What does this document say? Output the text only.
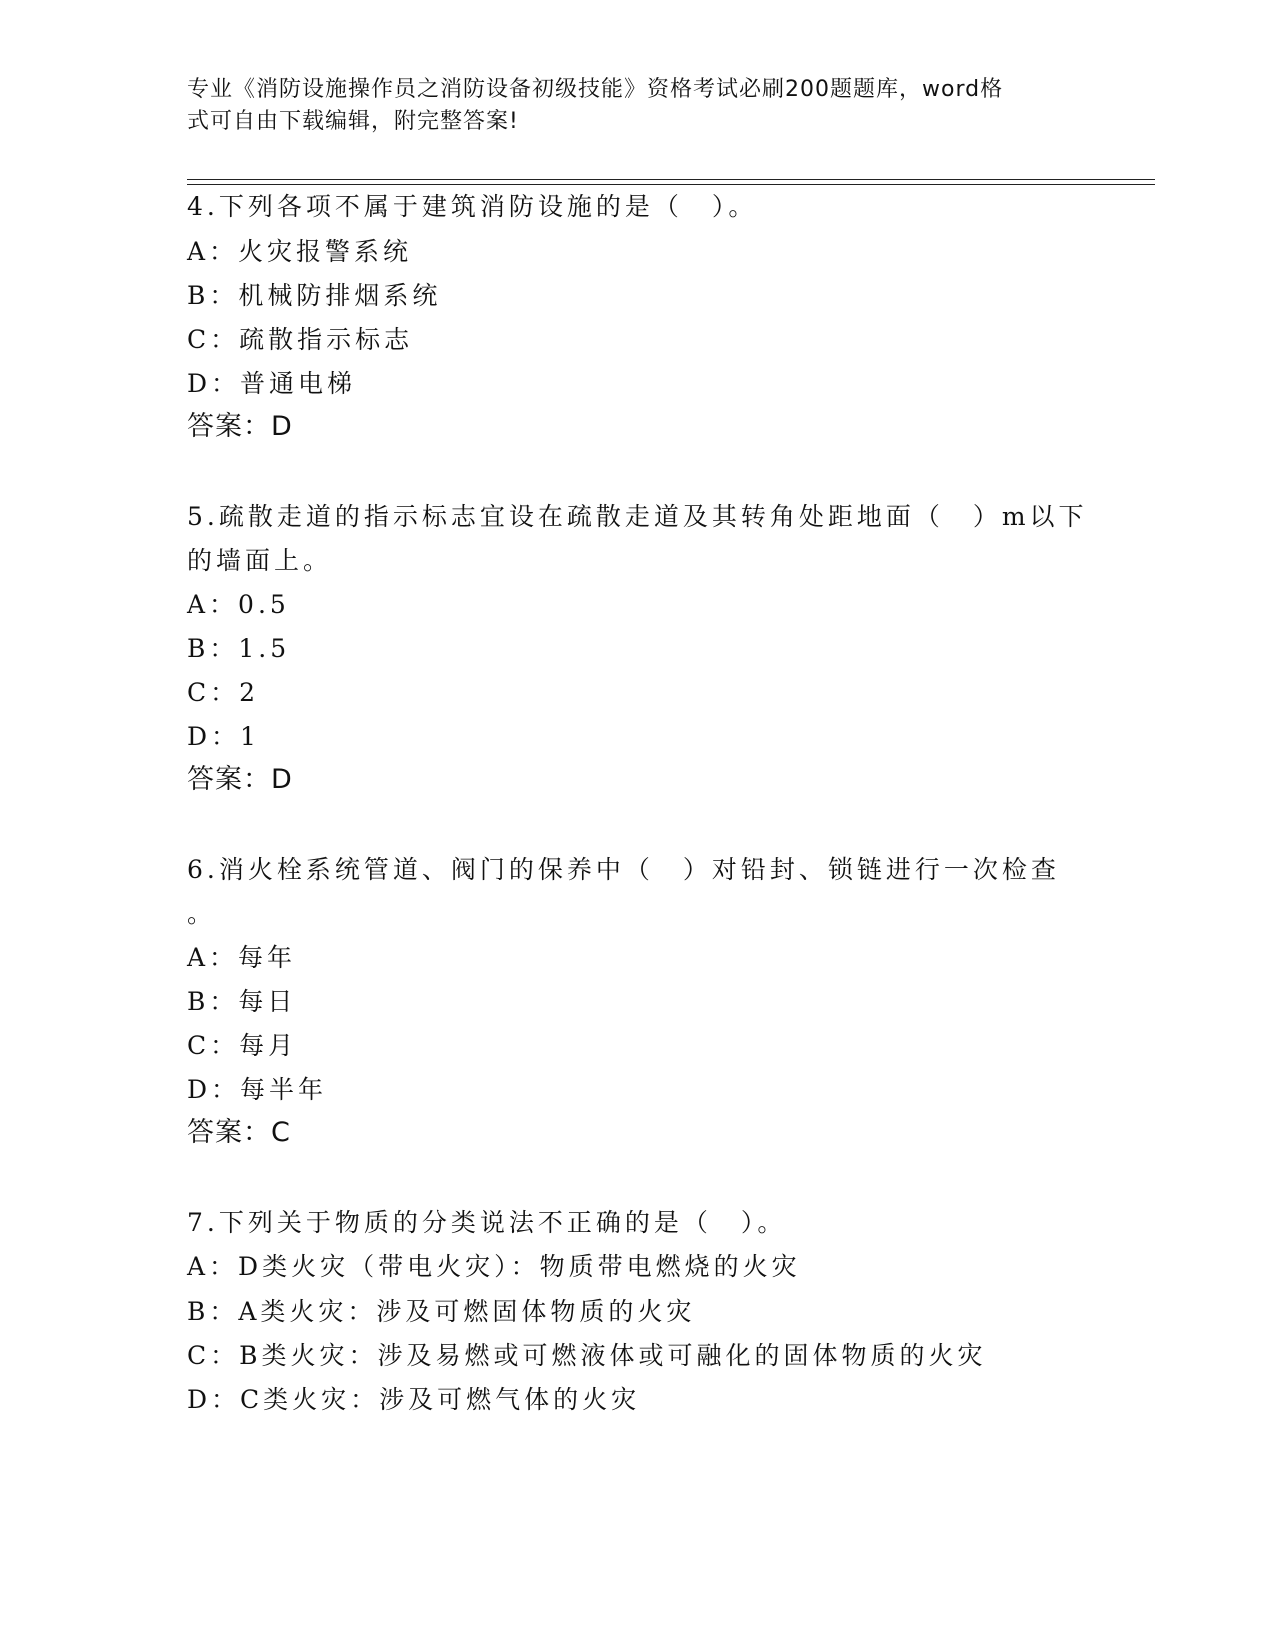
专业《消防设施操作员之消防设备初级技能》资格考试必刷200题题库，word格
式可自由下载编辑，附完整答案!
4.下列各项不属于建筑消防设施的是（　）。
A：火灾报警系统
B：机械防排烟系统
C：疏散指示标志
D：普通电梯
答案：D
5.疏散走道的指示标志宜设在疏散走道及其转角处距地面（　）m以下
的墙面上。
A：0.5
B：1.5
C：2
D：1
答案：D
6.消火栓系统管道、阀门的保养中（　）对铅封、锁链进行一次检查
。
A：每年
B：每日
C：每月
D：每半年
答案：C
7.下列关于物质的分类说法不正确的是（　）。
A：D类火灾（带电火灾）：物质带电燃烧的火灾
B：A类火灾：涉及可燃固体物质的火灾
C：B类火灾：涉及易燃或可燃液体或可融化的固体物质的火灾
D：C类火灾：涉及可燃气体的火灾
